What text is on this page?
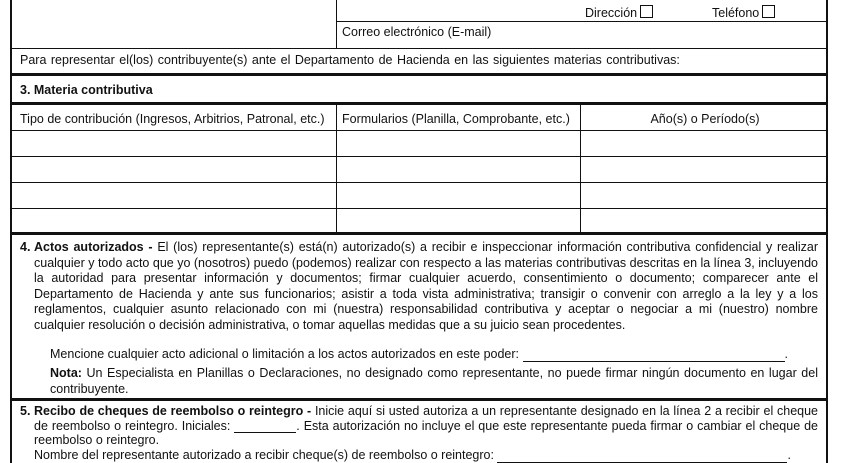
Dirección	Teléfono
Correo electrónico (E-mail)
Para representar el(los) contribuyente(s) ante el Departamento de Hacienda en las siguientes materias contributivas:
3. Materia contributiva
Tipo de contribución (Ingresos, Arbitrios, Patronal, etc.)	Formularios (Planilla, Comprobante, etc.)	Año(s) o Período(s)
4. Actos autorizados - El (los) representante(s) está(n) autorizado(s) a recibir e inspeccionar información contributiva confidencial y realizar cualquier y todo acto que yo (nosotros) puedo (podemos) realizar con respecto a las materias contributivas descritas en la línea 3, incluyendo la autoridad para presentar información y documentos; firmar cualquier acuerdo, consentimiento o documento; comparecer ante el Departamento de Hacienda y ante sus funcionarios; asistir a toda vista administrativa; transigir o convenir con arreglo a la ley y a los reglamentos, cualquier asunto relacionado con mi (nuestra) responsabilidad contributiva y aceptar o negociar a mi (nuestro) nombre cualquier resolución o decisión administrativa, o tomar aquellas medidas que a su juicio sean procedentes.
Mencione cualquier acto adicional o limitación a los actos autorizados en este poder:	.
Nota: Un Especialista en Planillas o Declaraciones, no designado como representante, no puede firmar ningún documento en lugar del contribuyente.
5. Recibo de cheques de reembolso o reintegro - Inicie aquí si usted autoriza a un representante designado en la línea 2 a recibir el cheque de reembolso o reintegro. Iniciales:	. Esta autorización no incluye el que este representante pueda firmar o cambiar el cheque de reembolso o reintegro.
Nombre del representante autorizado a recibir cheque(s) de reembolso o reintegro:	.
